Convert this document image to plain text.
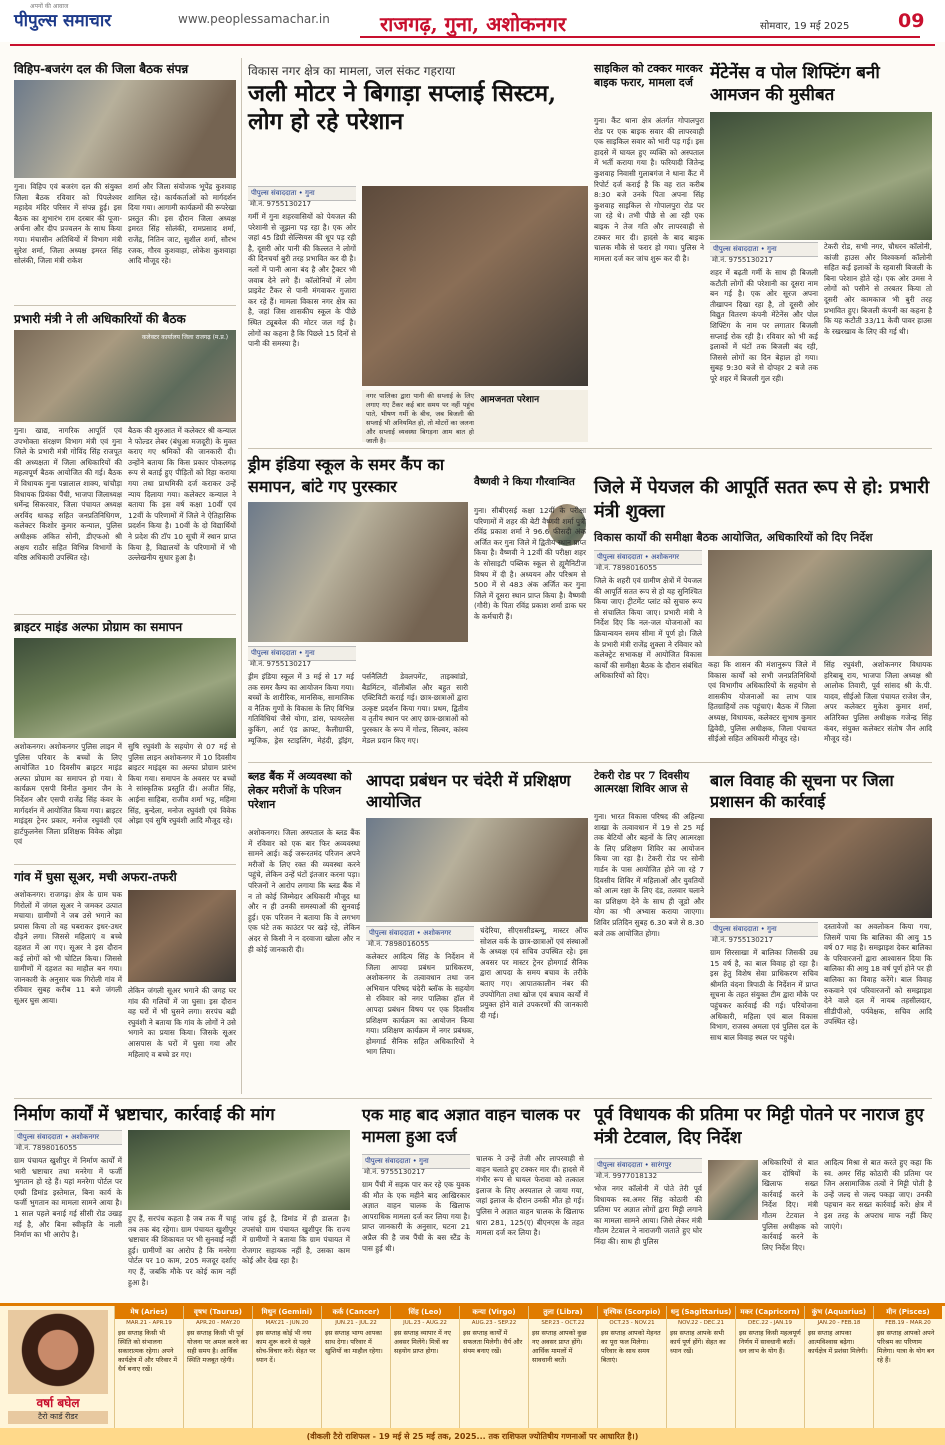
अपनों की आवाज
पीपुल्स समाचार	www.peoplessamachar.in	राजगढ़, गुना, अशोकनगर	सोमवार, 19 मई 2025	09
विहिप-बजरंग दल की जिला बैठक संपन्न
गुना। विहिप एवं बजरंग दल की संयुक्त जिला बैठक रविवार को पिपलेश्वर महादेव मंदिर परिसर में संपन्न हुई। इस बैठक का शुभारंभ राम दरबार की पूजा-अर्चना और दीप प्रज्वलन के साथ किया गया। मंचासीन अतिथियों में विभाग मंत्री सुरेश शर्मा, जिला अध्यक्ष इमरत सिंह सोलंकी, जिला मंत्री राकेश
शर्मा और जिला संयोजक भूपेंद्र कुशवाह शामिल रहे। कार्यकर्ताओं को मार्गदर्शन दिया गया। आगामी कार्यक्रमों की रूपरेखा प्रस्तुत की। इस दौरान जिला अध्यक्ष इमरत सिंह सोलंकी, रामप्रसाद शर्मा, राजेंद्र, नितिन जाट, सुशील शर्मा, सौरभ रजक, गौरव कुशवाहा, लोकेश कुशवाहा आदि मौजूद रहे।
प्रभारी मंत्री ने ली अधिकारियों की बैठक
कलेक्टर कार्यालय जिला राजगढ़ (म.प्र.)
गुना। खाद्य, नागरिक आपूर्ति एवं उपभोक्ता संरक्षण विभाग मंत्री एवं गुना जिले के प्रभारी मंत्री गोविंद सिंह राजपूत की अध्यक्षता में जिला अधिकारियों की महत्वपूर्ण बैठक आयोजित की गई। बैठक में विधायक गुना पन्नालाल शाक्य, चांचौड़ा विधायक प्रियंका पैंची, भाजपा जिलाध्यक्ष धर्मेन्द्र सिकरवार, जिला पंचायत अध्यक्ष अरविंद धाकड़ सहित जनप्रतिनिधिगण, कलेक्टर किशोर कुमार कन्याल, पुलिस अधीक्षक अंकित सोनी, डीएफओ श्री अक्षय राठौर सहित विभिन्न विभागों के वरिष्ठ अधिकारी उपस्थित रहे।
बैठक की शुरुआत में कलेक्टर श्री कन्याल ने फोल्डर लेबर (बंधुआ मजदूरी) के मुक्त कराए गए श्रमिकों की जानकारी दी। उन्होंने बताया कि किस प्रकार पोकलगढ़ रूप से बताई हुए पीड़ितों को रिहा कराया गया तथा प्राथमिकी दर्ज कराकर उन्हें न्याय दिलाया गया। कलेक्टर कन्याल ने बताया कि इस वर्ष कक्षा 10वीं एवं 12वीं के परिणामों में जिले ने ऐतिहासिक प्रदर्शन किया है। 10वीं के दो विद्यार्थियों ने प्रदेश की टॉप 10 सूची में स्थान प्राप्त किया है, विद्यालयों के परिणामों में भी उल्लेखनीय सुधार हुआ है।
ब्राइटर माइंड अल्फा प्रोग्राम का समापन
अशोकनगर। अशोकनगर पुलिस लाइन में पुलिस परिवार के बच्चों के लिए आयोजित 10 दिवसीय ब्राइटर माइंड अल्फा प्रोग्राम का समापन हो गया। ये कार्यक्रम एसपी विनीत कुमार जैन के निर्देशन और एसपी राजेंद्र सिंह कंवर के मार्गदर्शन में आयोजित किया गया। ब्राइटर माइंड्स ट्रेनर प्रकार, मनोज रघुवंशी एवं हार्टफुलनेस जिला प्रशिक्षक विवेक ओझा एवं
सुषि रघुवंशी के सहयोग से 07 मई से पुलिस लाइन अशोकनगर में 10 दिवसीय ब्राइटर माइंड्स का अल्फा प्रोग्राम प्रारंभ किया गया। समापन के अवसर पर बच्चों ने सांस्कृतिक प्रस्तुति दी। अजीत सिंह, आईना साहिबा, राजीव शर्मा भट्ट, महिमा सिंह, बुन्देला, मनोज रघुवंशी एवं विवेक ओझा एवं सुषि रघुवंशी आदि मौजूद रहे।
गांव में घुसा सूअर, मची अफरा-तफरी
अशोकनगर। राजगढ़। क्षेत्र के ग्राम चक गिरोलों में जंगल सूअर ने जमकर उत्पात मचाया। ग्रामीणों ने जब उसे भगाने का प्रयास किया तो वह घबराकर इधर-उधर दौड़ने लगा। जिससे महिलाएं व बच्चे दहशत में आ गए। सूअर ने इस दौरान कई लोगों को भी चोटिल किया। जिससे ग्रामीणों में दहशत का माहौल बन गया। जानकारी के अनुसार चक गिरोली गांव में रविवार सुबह करीब 11 बजे जंगली सूअर घुस आया।
लेकिन जंगली सूअर भगाने की जगह घर गांव की गलियों में जा घुसा। इस दौरान वह घरों में भी घुसने लगा। सरपंच बद्री रघुवंशी ने बताया कि गांव के लोगों ने उसे भगाने का प्रयास किया। जिसके सूअर आसपास के घरों में घुसा गया और महिलाएं व बच्चे डर गए।
विकास नगर क्षेत्र का मामला, जल संकट गहराया
जली मोटर ने बिगाड़ा सप्लाई सिस्टम, लोग हो रहे परेशान
पीपुल्स संवाददाता • गुना
मो.नं. 9755130217
गर्मी में गुना शहरवासियों को पेयजल की परेशानी से जूझना पड़ रहा है। एक ओर जहां 45 डिग्री सेल्सियस की धूप पड़ रही है, दूसरी ओर पानी की किल्लत ने लोगों की दिनचर्या बुरी तरह प्रभावित कर दी है। नलों में पानी आना बंद है और ट्रैक्टर भी जवाब देने लगे हैं। कॉलोनियों में लोग प्राइवेट टैंकर से पानी मंगवाकर गुजारा कर रहे हैं। मामला विकास नगर क्षेत्र का है, जहां जिस शासकीय स्कूल के पीछे स्थित ट्यूबवेल की मोटर जल गई है। लोगों का कहना है कि पिछले 15 दिनों से पानी की समस्या है।
आमजनता परेशान
नगर पालिका द्वारा पानी की सप्लाई के लिए लगाए गए टैंकर कई बार समय पर नहीं पहुंच पाते, भीषण गर्मी के बीच, जब बिजली की सप्लाई भी अनियमित हो, तो मोटरों का जलना और सप्लाई व्यवस्था बिगड़ना आम बात हो जाती है।
साइकिल को टक्कर मारकर बाइक फरार, मामला दर्ज
गुना। कैंट थाना क्षेत्र अंतर्गत गोपालपुरा रोड पर एक बाइक सवार की लापरवाही एक साइकिल सवार को भारी पड़ गई। इस हादसे में घायल हुए व्यक्ति को अस्पताल में भर्ती कराया गया है। फरियादी जितेन्द्र कुशवाह निवासी गुलाबगंज ने थाना कैंट में रिपोर्ट दर्ज कराई है कि वह रात करीब 8:30 बजे उनके पिता अपना सिंह कुशवाह साइकिल से गोपालपुरा रोड पर जा रहे थे। तभी पीछे से आ रही एक बाइक ने तेज गति और लापरवाही से टक्कर मार दी। हादसे के बाद बाइक चालक मौके से फरार हो गया। पुलिस ने मामला दर्ज कर जांच शुरू कर दी है।
मेंटेनेंस व पोल शिफ्टिंग बनी आमजन की मुसीबत
पीपुल्स संवाददाता • गुना
मो.नं. 9755130217
शहर में बढ़ती गर्मी के साथ ही बिजली कटौती लोगों की परेशानी का दूसरा नाम बन गई है। एक ओर सूरज अपना तीखापन दिखा रहा है, तो दूसरी ओर विद्युत वितरण कंपनी मेंटेनेंस और पोल शिफ्टिंग के नाम पर लगातार बिजली सप्लाई रोक रही है। रविवार को भी कई इलाकों में घंटों तक बिजली बंद रही, जिससे लोगों का दिन बेहाल हो गया। सुबह 9:30 बजे से दोपहर 2 बजे तक पूरे शहर में बिजली गुल रही।
टेकरी रोड, सभी नगर, चौधरन कॉलोनी, कांजी हाउस और विश्वकर्मा कॉलोनी सहित कई इलाकों के रहवासी बिजली के बिना परेशान होते रहे। एक ओर उमस ने लोगों को पसीने से तरबतर किया तो दूसरी ओर कामकाज भी बुरी तरह प्रभावित हुए। बिजली कंपनी का कहना है कि यह कटौती 33/11 केवी पावर हाउस के रखरखाव के लिए की गई थी।
ड्रीम इंडिया स्कूल के समर कैंप का समापन, बांटे गए पुरस्कार
पीपुल्स संवाददाता • गुना
मो.नं. 9755130217
ड्रीम इंडिया स्कूल में 3 मई से 17 मई तक समर कैम्प का आयोजन किया गया। बच्चों के शारीरिक, मानसिक, सामाजिक व नैतिक गुणों के विकास के लिए विभिन्न गतिविधियां जैसे योगा, डांस, फायरलेस कुकिंग, आर्ट एंड क्राफ्ट, कैलीग्राफी, म्यूजिक, ड्रेस स्टाइलिंग, मेहंदी, ड्रॉइंग, पर्सनैलिटी डेवलपमेंट, ताइक्वांडो, बैडमिंटन, वॉलीबॉल और बहुत सारी एक्टिविटी कराई गई। छात्र-छात्राओं द्वारा उत्कृष्ट प्रदर्शन किया गया। प्रथम, द्वितीय व तृतीय स्थान पर आए छात्र-छात्राओं को पुरस्कार के रूप में गोल्ड, सिल्वर, कांस्य मेडल प्रदान किए गए।
वैष्णवी ने किया गौरवान्वित
गुना। सीबीएसई कक्षा 12वीं के परीक्षा परिणामों में शहर की बेटी वैष्णवी शर्मा पुत्री रविंद्र प्रकाश शर्मा ने 96.6 फीसदी अंक अर्जित कर गुना जिले में द्वितीय स्थान प्राप्त किया है। वैष्णवी ने 12वीं की परीक्षा शहर के सोसाइटी पब्लिक स्कूल से ह्यूमैनिटीज विषय में दी है। अध्ययन और परिश्रम से 500 में से 483 अंक अर्जित कर गुना जिले में दूसरा स्थान प्राप्त किया है। वैष्णवी (गौरी) के पिता रविंद्र प्रकाश शर्मा डाक घर के कर्मचारी हैं।
जिले में पेयजल की आपूर्ति सतत रूप से हो: प्रभारी मंत्री शुक्ला
विकास कार्यों की समीक्षा बैठक आयोजित, अधिकारियों को दिए निर्देश
पीपुल्स संवाददाता • अशोकनगर
मो.नं. 7898016055
जिले के शहरी एवं ग्रामीण क्षेत्रों में पेयजल की आपूर्ति सतत रूप से हो यह सुनिश्चित किया जाए। ट्रीटमेंट प्लांट को सुचारु रूप से संचालित किया जाए। प्रभारी मंत्री ने निर्देश दिए कि नल-जल योजनाओं का क्रियान्वयन समय सीमा में पूर्ण हो। जिले के प्रभारी मंत्री राजेंद्र शुक्ला ने रविवार को कलेक्ट्रेट सभाकक्ष में आयोजित विकास कार्यों की समीक्षा बैठक के दौरान संबंधित अधिकारियों को दिए।
कहा कि शासन की मंशानुरूप जिले में विकास कार्यों को सभी जनप्रतिनिधियों एवं विभागीय अधिकारियों के सहयोग से शासकीय योजनाओं का लाभ पात्र हितग्राहियों तक पहुंचाएं। बैठक में जिला अध्यक्ष, विधायक, कलेक्टर सुभाष कुमार द्विवेदी, पुलिस अधीक्षक, जिला पंचायत सीईओ सहित अधिकारी मौजूद रहे।
सिंह रघुवंशी, अशोकनगर विधायक हरिबाबू राय, भाजपा जिला अध्यक्ष श्री आलोक तिवारी, पूर्व सांसद श्री के.पी. यादव, सीईओ जिला पंचायत राजेश जैन, अपर कलेक्टर मुकेश कुमार शर्मा, अतिरिक्त पुलिस अधीक्षक गजेन्द्र सिंह कंवर, संयुक्त कलेक्टर संतोष जैन आदि मौजूद रहे।
ब्लड बैंक में अव्यवस्था को लेकर मरीजों के परिजन परेशान
अशोकनगर। जिला अस्पताल के ब्लड बैंक में रविवार को एक बार फिर अव्यवस्था सामने आई। कई जरूरतमंद परिजन अपने मरीजों के लिए रक्त की व्यवस्था करने पहुंचे, लेकिन उन्हें घंटों इंतजार करना पड़ा। परिजनों ने आरोप लगाया कि ब्लड बैंक में न तो कोई जिम्मेदार अधिकारी मौजूद था और न ही उनकी समस्याओं की सुनवाई हुई। एक परिजन ने बताया कि वे लगभग एक घंटे तक काउंटर पर खड़े रहे, लेकिन अंदर से किसी ने न दरवाजा खोला और न ही कोई जानकारी दी।
आपदा प्रबंधन पर चंदेरी में प्रशिक्षण आयोजित
पीपुल्स संवाददाता • अशोकनगर
मो.नं. 7898016055
कलेक्टर आदित्य सिंह के निर्देशन में जिला आपदा प्रबंधन प्राधिकरण, अशोकनगर के तत्वावधान तथा जन अभियान परिषद चंदेरी ब्लॉक के सहयोग से रविवार को नगर पालिका हॉल में आपदा प्रबंधन विषय पर एक दिवसीय प्रशिक्षण कार्यक्रम का आयोजन किया गया। प्रशिक्षण कार्यक्रम में नगर प्रबंधक, होमगार्ड सैनिक सहित अधिकारियों ने भाग लिया।
चंदेरिया, सीएससीडब्ल्यू, मास्टर ऑफ सोशल वर्क के छात्र-छात्राओं एवं संस्थाओं के अध्यक्ष एवं सचिव उपस्थित रहे। इस अवसर पर मास्टर ट्रेनर होमगार्ड सैनिक द्वारा आपदा के समय बचाव के तरीके बताए गए। आपातकालीन नंबर की उपयोगिता तथा खोज एवं बचाव कार्यों में प्रयुक्त होने वाले उपकरणों की जानकारी दी गई।
टेकरी रोड पर 7 दिवसीय आत्मरक्षा शिविर आज से
गुना। भारत विकास परिषद की अहिल्या शाखा के तत्वावधान में 19 से 25 मई तक बेटियों और बहनों के लिए आत्मरक्षा के लिए प्रशिक्षण शिविर का आयोजन किया जा रहा है। टेकरी रोड पर सोनी गार्डन के पास आयोजित होने जा रहे 7 दिवसीय शिविर में महिलाओं और युवतियों को आत्म रक्षा के लिए दंड, तलवार चलाने का प्रशिक्षण देने के साथ ही जूडो और योग का भी अभ्यास कराया जाएगा। शिविर प्रतिदिन सुबह 6.30 बजे से 8.30 बजे तक आयोजित होगा।
बाल विवाह की सूचना पर जिला प्रशासन की कार्रवाई
पीपुल्स संवाददाता • गुना
मो.नं. 9755130217
ग्राम सिरसाखा में बालिका जिसकी उम्र 15 वर्ष है, का बाल विवाह हो रहा है। इस हेतु विशेष सेवा प्राधिकरण सचिव श्रीमति वंदना त्रिपाठी के निर्देशन में प्राप्त सूचना के तहत संयुक्त टीम द्वारा मौके पर पहुंचकर कार्रवाई की गई। परियोजना अधिकारी, महिला एवं बाल विकास विभाग, राजस्व अमला एवं पुलिस दल के साथ बाल विवाह स्थल पर पहुंचे।
दस्तावेजों का अवलोकन किया गया, जिसमें पाया कि बालिका की आयु 15 वर्ष 07 माह है। समझाइश देकर बालिका के परिवारजनों द्वारा आश्वासन दिया कि बालिका की आयु 18 वर्ष पूर्ण होने पर ही बालिका का विवाह करेंगे। बाल विवाह रुकवाने एवं परिवारजनों को समझाइश देने वाले दल में नायब तहसीलदार, सीडीपीओ, पर्यवेक्षक, सचिव आदि उपस्थित रहे।
निर्माण कार्यों में भ्रष्टाचार, कार्रवाई की मांग
पीपुल्स संवाददाता • अशोकनगर
मो.नं. 7898016055
ग्राम पंचायत खुशीपुर में निर्माण कार्यों में भारी भ्रष्टाचार तथा मनरेगा में फर्जी भुगतान हो रहे हैं। यहां मनरेगा पोर्टल पर एम्प्री डिमांड इस्तेमाल, बिना कार्य के फर्जी भुगतान का मामला सामने आया है। 1 साल पहले बनाई गई सीसी रोड उखड़ गई है, और बिना स्वीकृति के नाली निर्माण का भी आरोप है।
हुए हैं, सरपंच कहता है जब तक मैं चाहूं तब तक बंद रहेगा। ग्राम पंचायत खुशीपुर भ्रष्टाचार की शिकायत पर भी सुनवाई नहीं हुई। ग्रामीणों का आरोप है कि मनरेगा पोर्टल पर 10 काम, 205 मजदूर दर्शाए गए हैं, जबकि मौके पर कोई काम नहीं हुआ है।
जांच हुई है, डिमांड में ही डालता है। उपसंचो ग्राम पंचायत खुशीपुर कि राज्य में ग्रामीणों ने बताया कि ग्राम पंचायत में रोजगार सहायक नहीं है, उसका काम कोई और देख रहा है।
एक माह बाद अज्ञात वाहन चालक पर मामला हुआ दर्ज
पीपुल्स संवाददाता • गुना
मो.नं. 9755130217
ग्राम पैंची में सड़क पार कर रहे एक युवक की मौत के एक महीने बाद आखिरकार अज्ञात वाहन चालक के खिलाफ आपराधिक मामला दर्ज कर लिया गया है। प्राप्त जानकारी के अनुसार, घटना 21 अप्रैल की है जब पैंची के बस स्टैंड के पास हुई थी।
चालक ने उन्हें तेजी और लापरवाही से वाहन चलाते हुए टक्कर मार दी। हादसे में गंभीर रूप से घायल फेरावा को तत्काल इलाज के लिए अस्पताल ले जाया गया, जहां इलाज के दौरान उनकी मौत हो गई। पुलिस ने अज्ञात वाहन चालक के खिलाफ धारा 281, 125(ए) बीएनएस के तहत मामला दर्ज कर लिया है।
पूर्व विधायक की प्रतिमा पर मिट्टी पोतने पर नाराज हुए मंत्री टेटवाल, दिए निर्देश
पीपुल्स संवाददाता • सारंगपुर
मो.नं. 9977018132
भोज नगर कॉलोनी में पोते तेरी पूर्व विधायक स्व.अमर सिंह कोठारी की प्रतिमा पर अज्ञात लोगों द्वारा मिट्टी लगाने का मामला सामने आया। जिसे लेकर मंत्री गौतम टेटवाल ने नाराजगी जताते हुए घोर निंदा की। साथ ही पुलिस
अधिकारियों से बात कर दोषियों के खिलाफ सख्त कार्रवाई करने के निर्देश दिए। मंत्री गौतम टेटवाल ने पुलिस अधीक्षक को कार्रवाई करने के लिए निर्देश दिए।
आदित्य मिश्रा से बात करते हुए कहा कि स्व. अमर सिंह कोठारी की प्रतिमा पर जिन असामाजिक तत्वों ने मिट्टी पोती है उन्हें जल्द से जल्द पकड़ा जाए। उनकी पहचान कर सख्त कार्रवाई करें। क्षेत्र में इस तरह के अपराध माफ नहीं किए जाएंगे।
वर्षा बघेल
टैरो कार्ड रीडर
मेष (Aries)
MAR.21 - APR.19
इस सप्ताह किसी भी स्थिति को संभालना सकारात्मक रहेगा। अपने कार्यक्षेत्र में और परिवार में धैर्य बनाए रखें।
वृषभ (Taurus)
APR.20 - MAY.20
इस सप्ताह किसी भी पूर्व योजना पर अमल करने का सही समय है। आर्थिक स्थिति मजबूत रहेगी।
मिथुन (Gemini)
MAY.21 - JUN.20
इस सप्ताह कोई भी नया काम शुरू करने से पहले सोच-विचार करें। सेहत पर ध्यान दें।
कर्क (Cancer)
JUN.21 - JUL.22
इस सप्ताह भाग्य आपका साथ देगा। परिवार में खुशियों का माहौल रहेगा।
सिंह (Leo)
JUL.23 - AUG.22
इस सप्ताह व्यापार में नए अवसर मिलेंगे। मित्रों का सहयोग प्राप्त होगा।
कन्या (Virgo)
AUG.23 - SEP.22
इस सप्ताह कार्यों में सफलता मिलेगी। धैर्य और संयम बनाए रखें।
तुला (Libra)
SEP.23 - OCT.22
इस सप्ताह आपको कुछ नए अवसर प्राप्त होंगे। आर्थिक मामलों में सावधानी बरतें।
वृश्चिक (Scorpio)
OCT.23 - NOV.21
इस सप्ताह आपको मेहनत का पूरा फल मिलेगा। परिवार के साथ समय बिताएं।
धनु (Sagittarius)
NOV.22 - DEC.21
इस सप्ताह आपके सभी कार्य पूर्ण होंगे। सेहत का ध्यान रखें।
मकर (Capricorn)
DEC.22 - JAN.19
इस सप्ताह किसी महत्वपूर्ण निर्णय में सावधानी बरतें। धन लाभ के योग हैं।
कुंभ (Aquarius)
JAN.20 - FEB.18
इस सप्ताह आपका आत्मविश्वास बढ़ेगा। कार्यक्षेत्र में प्रशंसा मिलेगी।
मीन (Pisces)
FEB.19 - MAR.20
इस सप्ताह आपको अपने परिश्रम का परिणाम मिलेगा। यात्रा के योग बन रहे हैं।
(वीकली टैरो राशिफल - 19 मई से 25 मई तक, 2025... तक राशिफल ज्योतिषीय गणनाओं पर आधारित है।)
